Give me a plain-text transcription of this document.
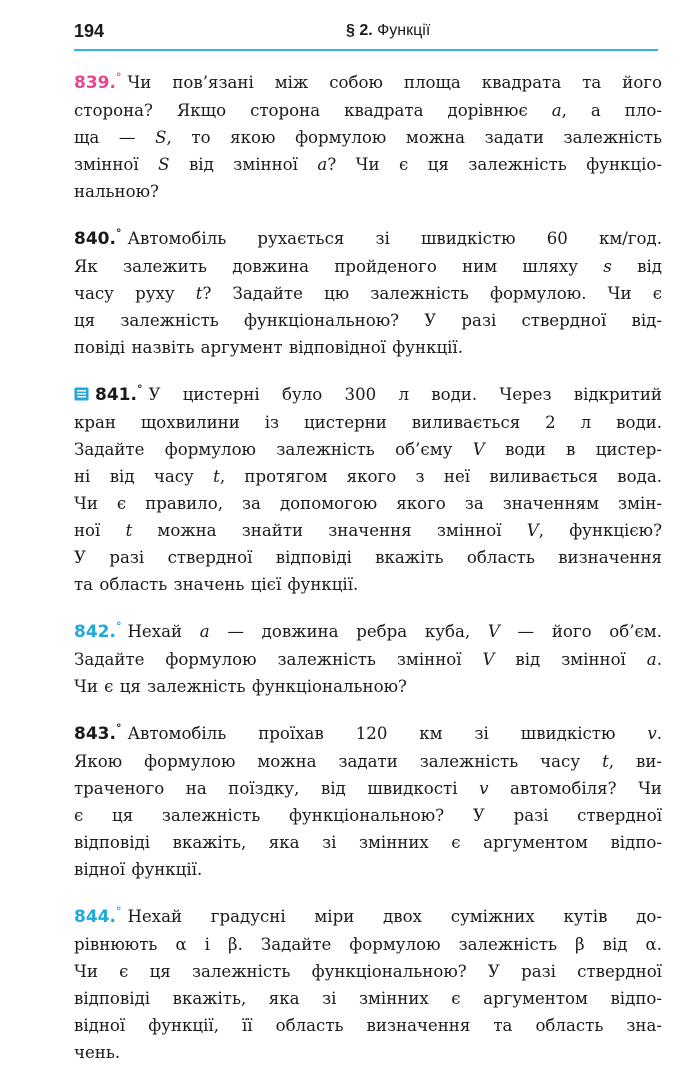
194	§ 2. Функції

839.° Чи пов’язані між собою площа квадрата та його
сторона? Якщо сторона квадрата дорівнює a, а пло-
ща — S, то якою формулою можна задати залежність
змінної S від змінної a? Чи є ця залежність функціо-
нальною?

840.° Автомобіль рухається зі швидкістю 60 км/год.
Як залежить довжина пройденого ним шляху s від
часу руху t? Задайте цю залежність формулою. Чи є
ця залежність функціональною? У разі ствердної від-
повіді назвіть аргумент відповідної функції.

841.° У цистерні було 300 л води. Через відкритий
кран щохвилини із цистерни виливається 2 л води.
Задайте формулою залежність об’єму V води в цистер-
ні від часу t, протягом якого з неї виливається вода.
Чи є правило, за допомогою якого за значенням змін-
ної t можна знайти значення змінної V, функцією?
У разі ствердної відповіді вкажіть область визначення
та область значень цієї функції.

842.° Нехай a — довжина ребра куба, V — його об’єм.
Задайте формулою залежність змінної V від змінної a.
Чи є ця залежність функціональною?

843.° Автомобіль проїхав 120 км зі швидкістю v.
Якою формулою можна задати залежність часу t, ви-
траченого на поїздку, від швидкості v автомобіля? Чи
є ця залежність функціональною? У разі ствердної
відповіді вкажіть, яка зі змінних є аргументом відпо-
відної функції.

844.° Нехай градусні міри двох суміжних кутів до-
рівнюють α і β. Задайте формулою залежність β від α.
Чи є ця залежність функціональною? У разі ствердної
відповіді вкажіть, яка зі змінних є аргументом відпо-
відної функції, її область визначення та область зна-
чень.
